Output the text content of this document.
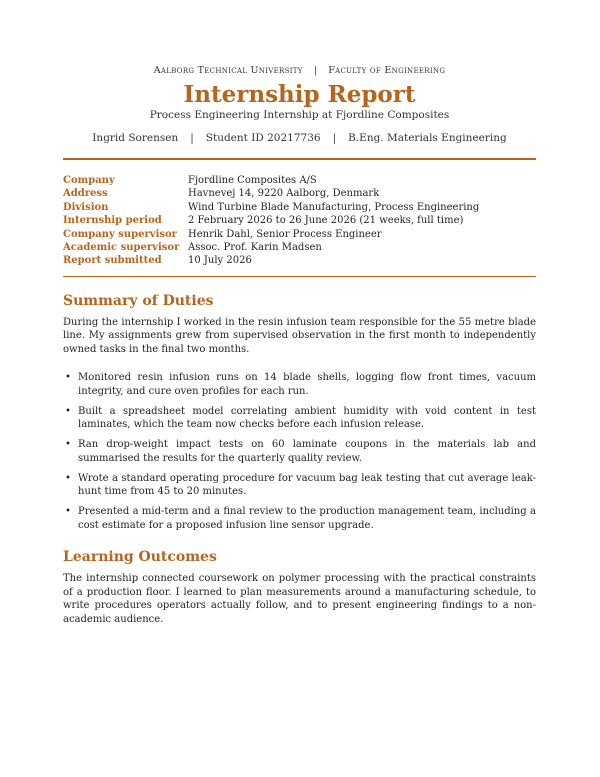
Aalborg Technical University | Faculty of Engineering
Internship Report
Process Engineering Internship at Fjordline Composites
Ingrid Sorensen | Student ID 20217736 | B.Eng. Materials Engineering
Company	Fjordline Composites A/S
Address	Havnevej 14, 9220 Aalborg, Denmark
Division	Wind Turbine Blade Manufacturing, Process Engineering
Internship period	2 February 2026 to 26 June 2026 (21 weeks, full time)
Company supervisor	Henrik Dahl, Senior Process Engineer
Academic supervisor	Assoc. Prof. Karin Madsen
Report submitted	10 July 2026
Summary of Duties

During the internship I worked in the resin infusion team responsible for the 55 metre blade line. My assignments grew from supervised observation in the first month to independently owned tasks in the final two months.

• Monitored resin infusion runs on 14 blade shells, logging flow front times, vacuum integrity, and cure oven profiles for each run.
• Built a spreadsheet model correlating ambient humidity with void content in test laminates, which the team now checks before each infusion release.
• Ran drop-weight impact tests on 60 laminate coupons in the materials lab and summarised the results for the quarterly quality review.
• Wrote a standard operating procedure for vacuum bag leak testing that cut average leak-hunt time from 45 to 20 minutes.
• Presented a mid-term and a final review to the production management team, including a cost estimate for a proposed infusion line sensor upgrade.
Learning Outcomes

The internship connected coursework on polymer processing with the practical constraints of a production floor. I learned to plan measurements around a manufacturing schedule, to write procedures operators actually follow, and to present engineering findings to a non-academic audience.
